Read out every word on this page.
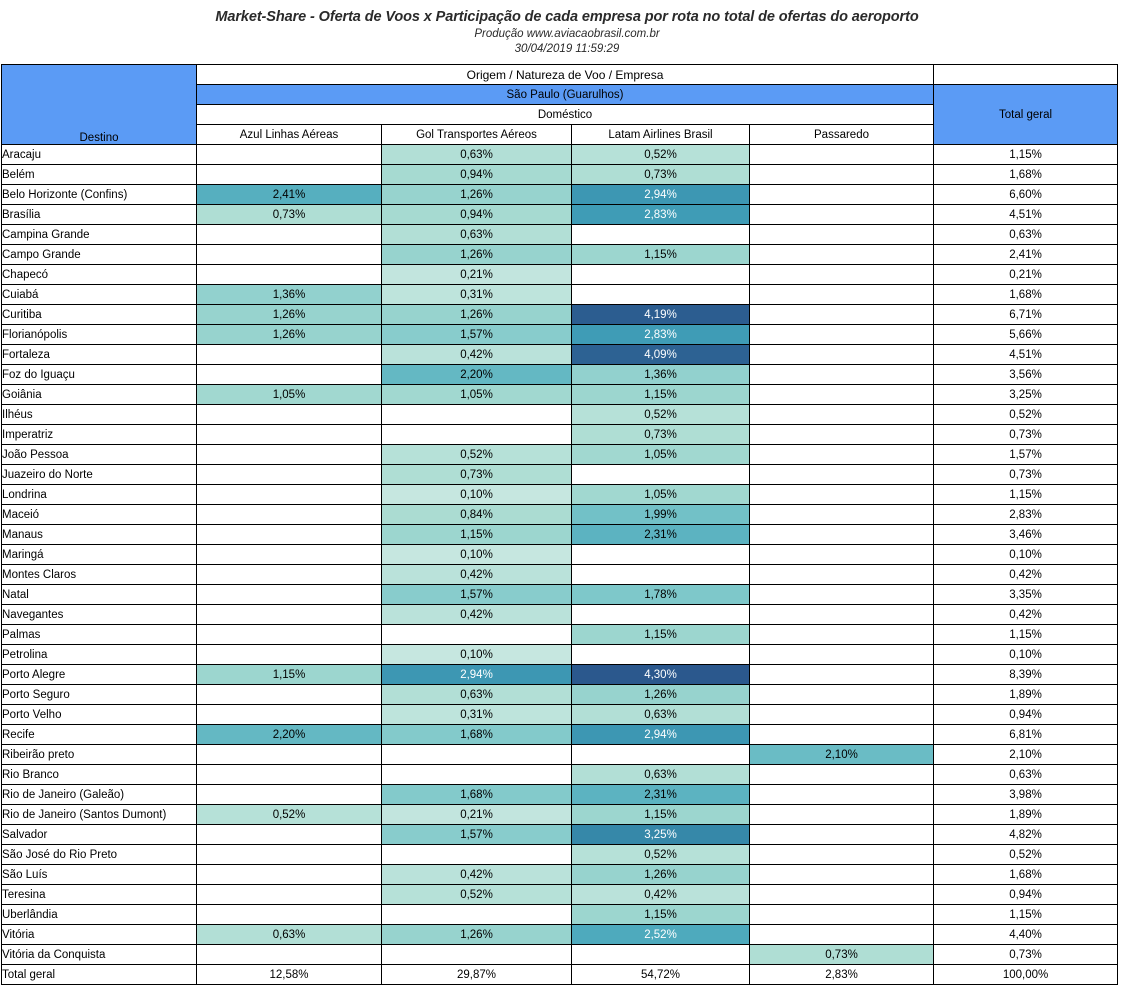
Market-Share - Oferta de Voos x Participação de cada empresa por rota no total de ofertas do aeroporto
Produção www.aviacaobrasil.com.br
30/04/2019 11:59:29
Destino	Origem / Natureza de Voo / Empresa				
	São Paulo (Guarulhos)				Total geral
	Doméstico				
	Azul Linhas Aéreas	Gol Transportes Aéreos	Latam Airlines Brasil	Passaredo	
Aracaju		0,63%	0,52%		1,15%
Belém		0,94%	0,73%		1,68%
Belo Horizonte (Confins)	2,41%	1,26%	2,94%		6,60%
Brasília	0,73%	0,94%	2,83%		4,51%
Campina Grande		0,63%			0,63%
Campo Grande		1,26%	1,15%		2,41%
Chapecó		0,21%			0,21%
Cuiabá	1,36%	0,31%			1,68%
Curitiba	1,26%	1,26%	4,19%		6,71%
Florianópolis	1,26%	1,57%	2,83%		5,66%
Fortaleza		0,42%	4,09%		4,51%
Foz do Iguaçu		2,20%	1,36%		3,56%
Goiânia	1,05%	1,05%	1,15%		3,25%
Ilhéus			0,52%		0,52%
Imperatriz			0,73%		0,73%
João Pessoa		0,52%	1,05%		1,57%
Juazeiro do Norte		0,73%			0,73%
Londrina		0,10%	1,05%		1,15%
Maceió		0,84%	1,99%		2,83%
Manaus		1,15%	2,31%		3,46%
Maringá		0,10%			0,10%
Montes Claros		0,42%			0,42%
Natal		1,57%	1,78%		3,35%
Navegantes		0,42%			0,42%
Palmas			1,15%		1,15%
Petrolina		0,10%			0,10%
Porto Alegre	1,15%	2,94%	4,30%		8,39%
Porto Seguro		0,63%	1,26%		1,89%
Porto Velho		0,31%	0,63%		0,94%
Recife	2,20%	1,68%	2,94%		6,81%
Ribeirão preto				2,10%	2,10%
Rio Branco			0,63%		0,63%
Rio de Janeiro (Galeão)		1,68%	2,31%		3,98%
Rio de Janeiro (Santos Dumont)	0,52%	0,21%	1,15%		1,89%
Salvador		1,57%	3,25%		4,82%
São José do Rio Preto			0,52%		0,52%
São Luís		0,42%	1,26%		1,68%
Teresina		0,52%	0,42%		0,94%
Uberlândia			1,15%		1,15%
Vitória	0,63%	1,26%	2,52%		4,40%
Vitória da Conquista				0,73%	0,73%
Total geral	12,58%	29,87%	54,72%	2,83%	100,00%
